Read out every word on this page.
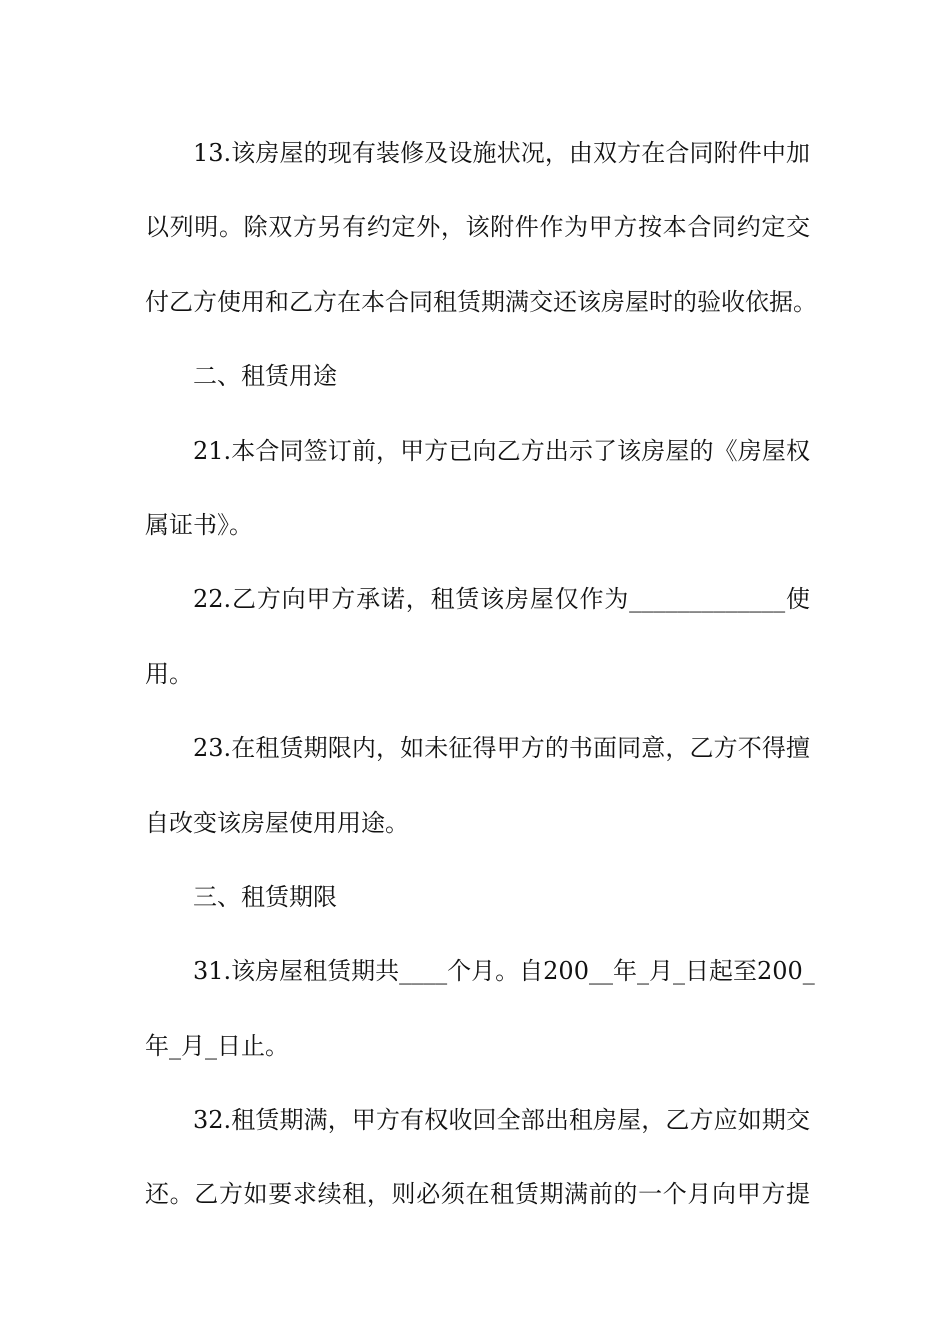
13.该房屋的现有装修及设施状况，由双方在合同附件中加
以列明。除双方另有约定外，该附件作为甲方按本合同约定交
付乙方使用和乙方在本合同租赁期满交还该房屋时的验收依据。
二、租赁用途
21.本合同签订前，甲方已向乙方出示了该房屋的《房屋权
属证书》。
22.乙方向甲方承诺，租赁该房屋仅作为_____________使
用。
23.在租赁期限内，如未征得甲方的书面同意，乙方不得擅
自改变该房屋使用用途。
三、租赁期限
31.该房屋租赁期共____个月。自200__年_月_日起至200_
年_月_日止。
32.租赁期满，甲方有权收回全部出租房屋，乙方应如期交
还。乙方如要求续租，则必须在租赁期满前的一个月向甲方提
